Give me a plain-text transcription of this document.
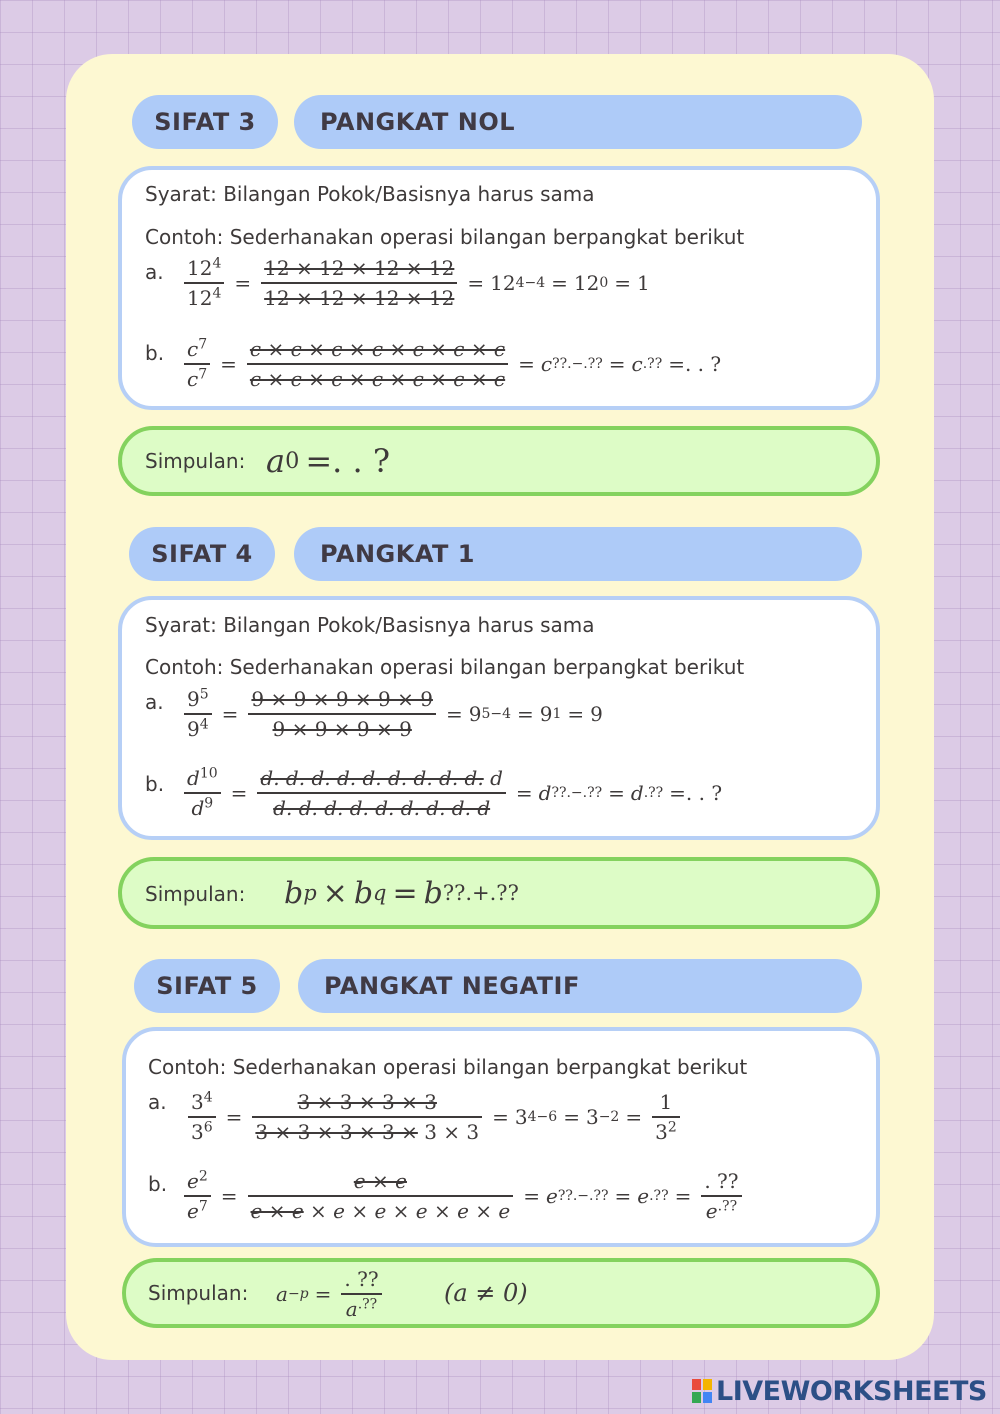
SIFAT 3	PANGKAT NOL
Syarat: Bilangan Pokok/Basisnya harus sama
Contoh: Sederhanakan operasi bilangan berpangkat berikut
a. $\frac{12^4}{12^4} = \frac{12 \times 12 \times 12 \times 12}{12 \times 12 \times 12 \times 12} = 12$ 4−4 = 12 0 = 1
b. $\frac{c^7}{c^7} = \frac{c \times c \times c \times c \times c \times c \times c}{c \times c \times c \times c \times c \times c \times c} = c$ ??.−.?? = c .?? =. . ?
Simpulan: a 0 =. . ?
SIFAT 4	PANGKAT 1
Syarat: Bilangan Pokok/Basisnya harus sama
Contoh: Sederhanakan operasi bilangan berpangkat berikut
a. $\frac{9^5}{9^4} = \frac{9 \times 9 \times 9 \times 9 \times 9}{9 \times 9 \times 9 \times 9} = 9$ 5−4 = 9 1 = 9
b. $\frac{d^{10}}{d^9} = \frac{d. d. d. d. d. d. d. d. d. d}{d. d. d. d. d. d. d. d. d} = d$ ??.−.?? = d .?? =. . ?
Simpulan: b p × b q = b ??.+.??
SIFAT 5	PANGKAT NEGATIF
Contoh: Sederhanakan operasi bilangan berpangkat berikut
a. $\frac{3^4}{3^6} = \frac{3 \times 3 \times 3 \times 3}{3 \times 3 \times 3 \times 3 \times 3 \times 3} = 3$ $4-6 = 3 -2 = \frac{1}{3^2}$
b. $\frac{e^2}{e^7} = \frac{e \times e}{e \times e \times e \times e \times e \times e \times e} = e$ ??.−.?? = e .?? = $\frac{. ??}{e^{.??}}$
Simpulan: $a -p = \frac{. ??}{a^{.??}}$	(a ≠ 0)
LIVEWORKSHEETS
